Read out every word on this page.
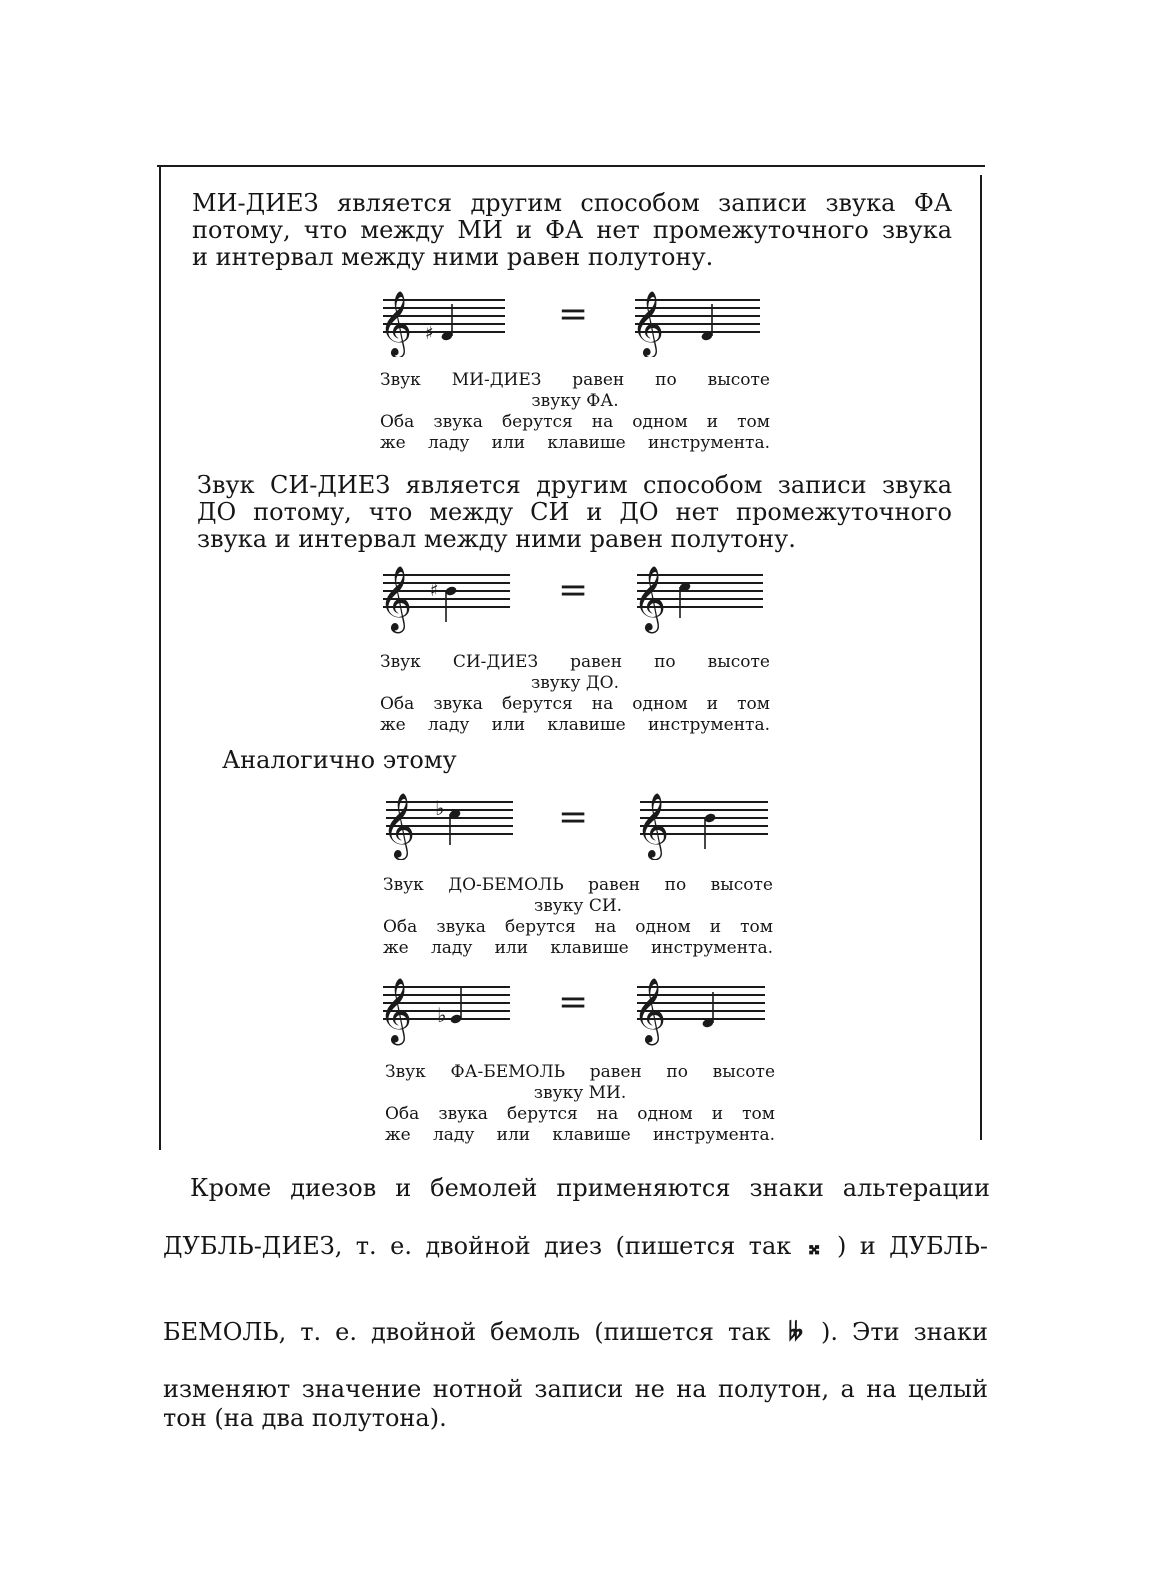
МИ-ДИЕЗ является другим способом записи звука ФА
потому, что между МИ и ФА нет промежуточного звука
и интервал между ними равен полутону.
𝄞 ♯	= 𝄞
Звук МИ-ДИЕЗ равен по высоте
звуку ФА.
Оба звука берутся на одном и том
же ладу или клавише инструмента.
Звук СИ-ДИЕЗ является другим способом записи звука
ДО потому, что между СИ и ДО нет промежуточного
звука и интервал между ними равен полутону.
𝄞 ♯	= 𝄞
Звук СИ-ДИЕЗ равен по высоте
звуку ДО.
Оба звука берутся на одном и том
же ладу или клавише инструмента.
Аналогично этому
𝄞 ♭	= 𝄞
Звук ДО-БЕМОЛЬ равен по высоте
звуку СИ.
Оба звука берутся на одном и том
же ладу или клавише инструмента.
𝄞 ♭	= 𝄞
Звук ФА-БЕМОЛЬ равен по высоте
звуку МИ.
Оба звука берутся на одном и том
же ладу или клавише инструмента.
Кроме диезов и бемолей применяются знаки альтерации
ДУБЛЬ-ДИЕЗ, т. е. двойной диез (пишется так 𝄪 ) и ДУБЛЬ-
БЕМОЛЬ, т. е. двойной бемоль (пишется так 𝄫 ). Эти знаки
изменяют значение нотной записи не на полутон, а на целый
тон (на два полутона).
